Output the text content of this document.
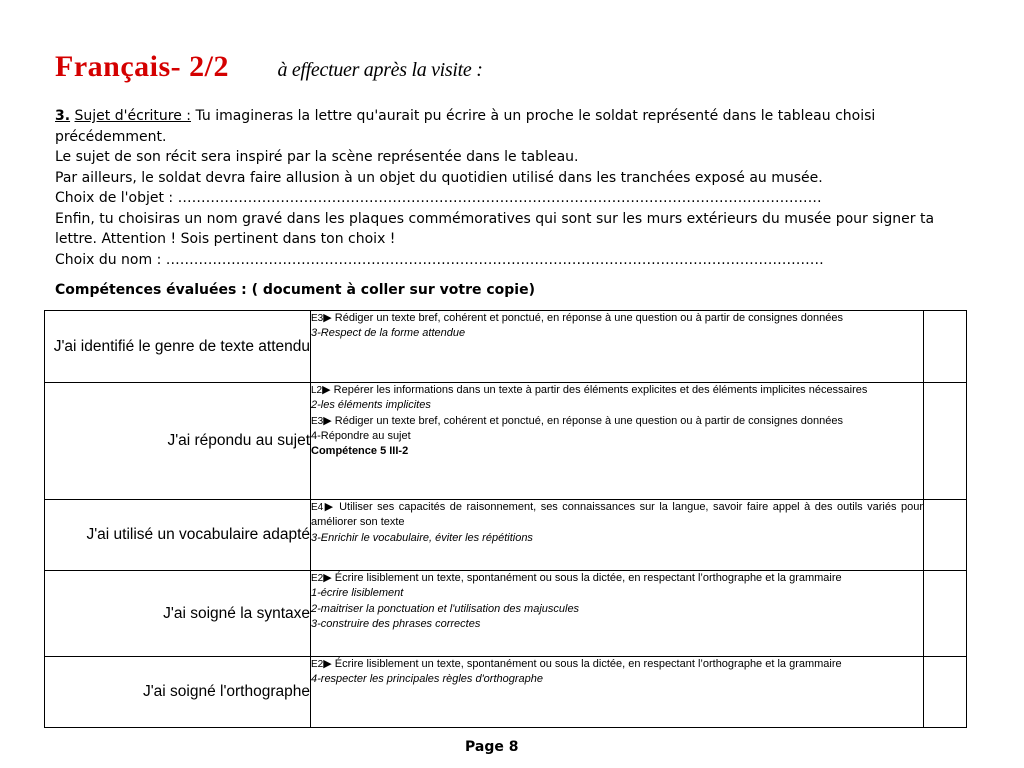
Français- 2/2 à effectuer après la visite :

3. Sujet d'écriture : Tu imagineras la lettre qu'aurait pu écrire à un proche le soldat représenté dans le tableau choisi précédemment.

Le sujet de son récit sera inspiré par la scène représentée dans le tableau.

Par ailleurs, le soldat devra faire allusion à un objet du quotidien utilisé dans les tranchées exposé au musée.

Choix de l'objet : …………………………………………………………………………………………………………………………

Enfin, tu choisiras un nom gravé dans les plaques commémoratives qui sont sur les murs extérieurs du musée pour signer ta lettre. Attention ! Sois pertinent dans ton choix !

Choix du nom : ……………………………………………………………………………………………………………………………

Compétences évaluées : ( document à coller sur votre copie)
J'ai identifié le genre de texte attendu	E3▶ Rédiger un texte bref, cohérent et ponctué, en réponse à une question ou à partir de consignes données
3-Respect de la forme attendue	

J'ai répondu au sujet	L2▶ Repérer les informations dans un texte à partir des éléments explicites et des éléments implicites nécessaires
2-les éléments implicites
E3▶ Rédiger un texte bref, cohérent et ponctué, en réponse à une question ou à partir de consignes données
4-Répondre au sujet
Compétence 5 III-2	

J'ai utilisé un vocabulaire adapté	E4▶ Utiliser ses capacités de raisonnement, ses connaissances sur la langue, savoir faire appel à des outils variés pour améliorer son texte
3-Enrichir le vocabulaire, éviter les répétitions	

J'ai soigné la syntaxe	E2▶ Écrire lisiblement un texte, spontanément ou sous la dictée, en respectant l’orthographe et la grammaire
1-écrire lisiblement
2-maitriser la ponctuation et l'utilisation des majuscules
3-construire des phrases correctes	

J'ai soigné l'orthographe	E2▶ Écrire lisiblement un texte, spontanément ou sous la dictée, en respectant l’orthographe et la grammaire
4-respecter les principales règles d'orthographe	

Page 8
